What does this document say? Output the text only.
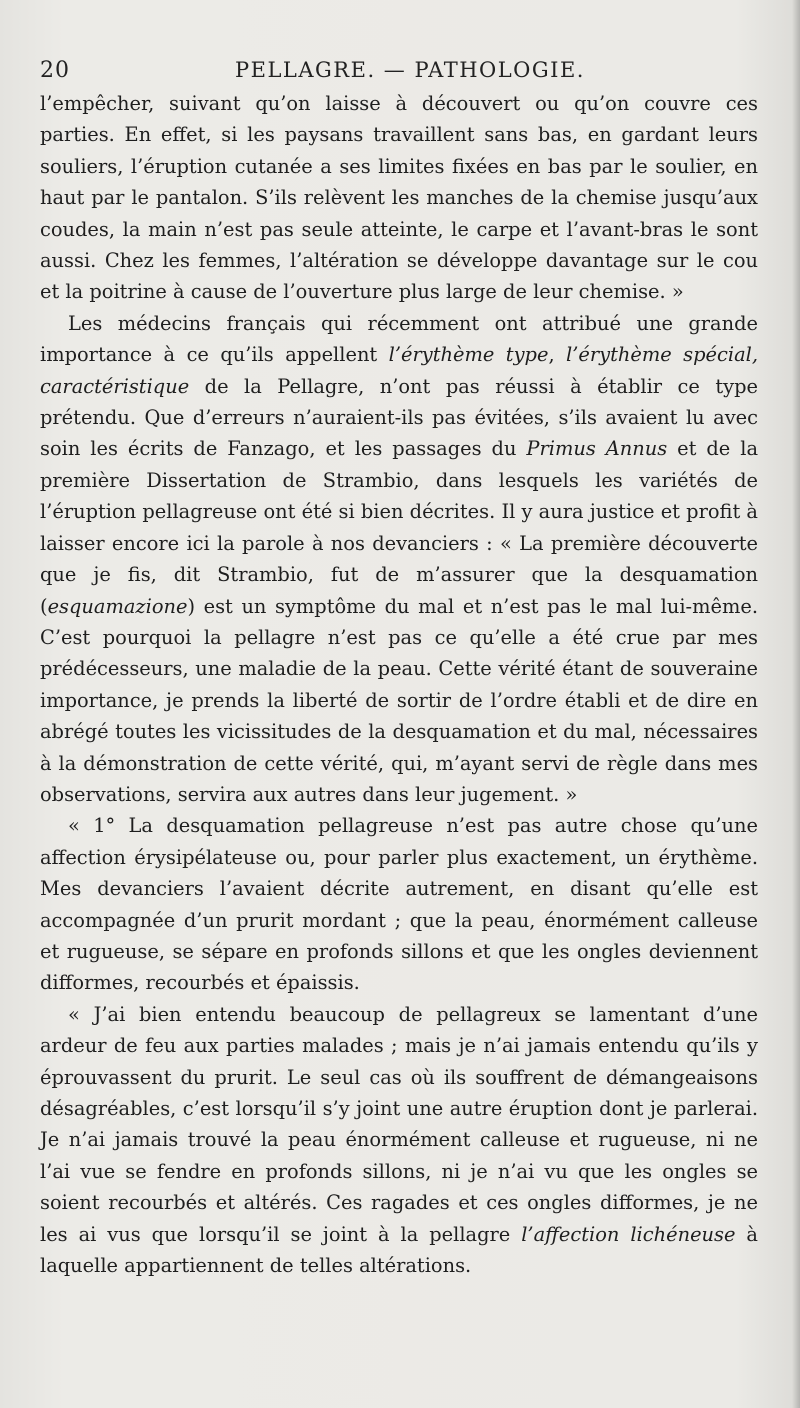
20	PELLAGRE. — PATHOLOGIE.

l’empêcher, suivant qu’on laisse à découvert ou qu’on couvre ces parties. En effet, si les paysans travaillent sans bas, en gardant leurs souliers, l’éruption cutanée a ses limites fixées en bas par le soulier, en haut par le pantalon. S’ils relèvent les manches de la chemise jusqu’aux coudes, la main n’est pas seule atteinte, le carpe et l’avant-bras le sont aussi. Chez les femmes, l’altération se développe davantage sur le cou et la poitrine à cause de l’ouverture plus large de leur chemise. »

Les médecins français qui récemment ont attribué une grande importance à ce qu’ils appellent l’érythème type, l’érythème spécial, caractéristique de la Pellagre, n’ont pas réussi à établir ce type prétendu. Que d’erreurs n’auraient-ils pas évitées, s’ils avaient lu avec soin les écrits de Fanzago, et les passages du Primus Annus et de la première Dissertation de Strambio, dans lesquels les variétés de l’éruption pellagreuse ont été si bien décrites. Il y aura justice et profit à laisser encore ici la parole à nos devanciers : « La première découverte que je fis, dit Strambio, fut de m’assurer que la desquamation (esquamazione) est un symptôme du mal et n’est pas le mal lui-même. C’est pourquoi la pellagre n’est pas ce qu’elle a été crue par mes prédécesseurs, une maladie de la peau. Cette vérité étant de souveraine importance, je prends la liberté de sortir de l’ordre établi et de dire en abrégé toutes les vicissitudes de la desquamation et du mal, nécessaires à la démonstration de cette vérité, qui, m’ayant servi de règle dans mes observations, servira aux autres dans leur jugement. »

« 1° La desquamation pellagreuse n’est pas autre chose qu’une affection érysipélateuse ou, pour parler plus exactement, un érythème. Mes devanciers l’avaient décrite autrement, en disant qu’elle est accompagnée d’un prurit mordant ; que la peau, énormément calleuse et rugueuse, se sépare en profonds sillons et que les ongles deviennent difformes, recourbés et épaissis.

« J’ai bien entendu beaucoup de pellagreux se lamentant d’une ardeur de feu aux parties malades ; mais je n’ai jamais entendu qu’ils y éprouvassent du prurit. Le seul cas où ils souffrent de démangeaisons désagréables, c’est lorsqu’il s’y joint une autre éruption dont je parlerai. Je n’ai jamais trouvé la peau énormément calleuse et rugueuse, ni ne l’ai vue se fendre en profonds sillons, ni je n’ai vu que les ongles se soient recourbés et altérés. Ces ragades et ces ongles difformes, je ne les ai vus que lorsqu’il se joint à la pellagre l’affection lichéneuse à laquelle appartiennent de telles altérations.
